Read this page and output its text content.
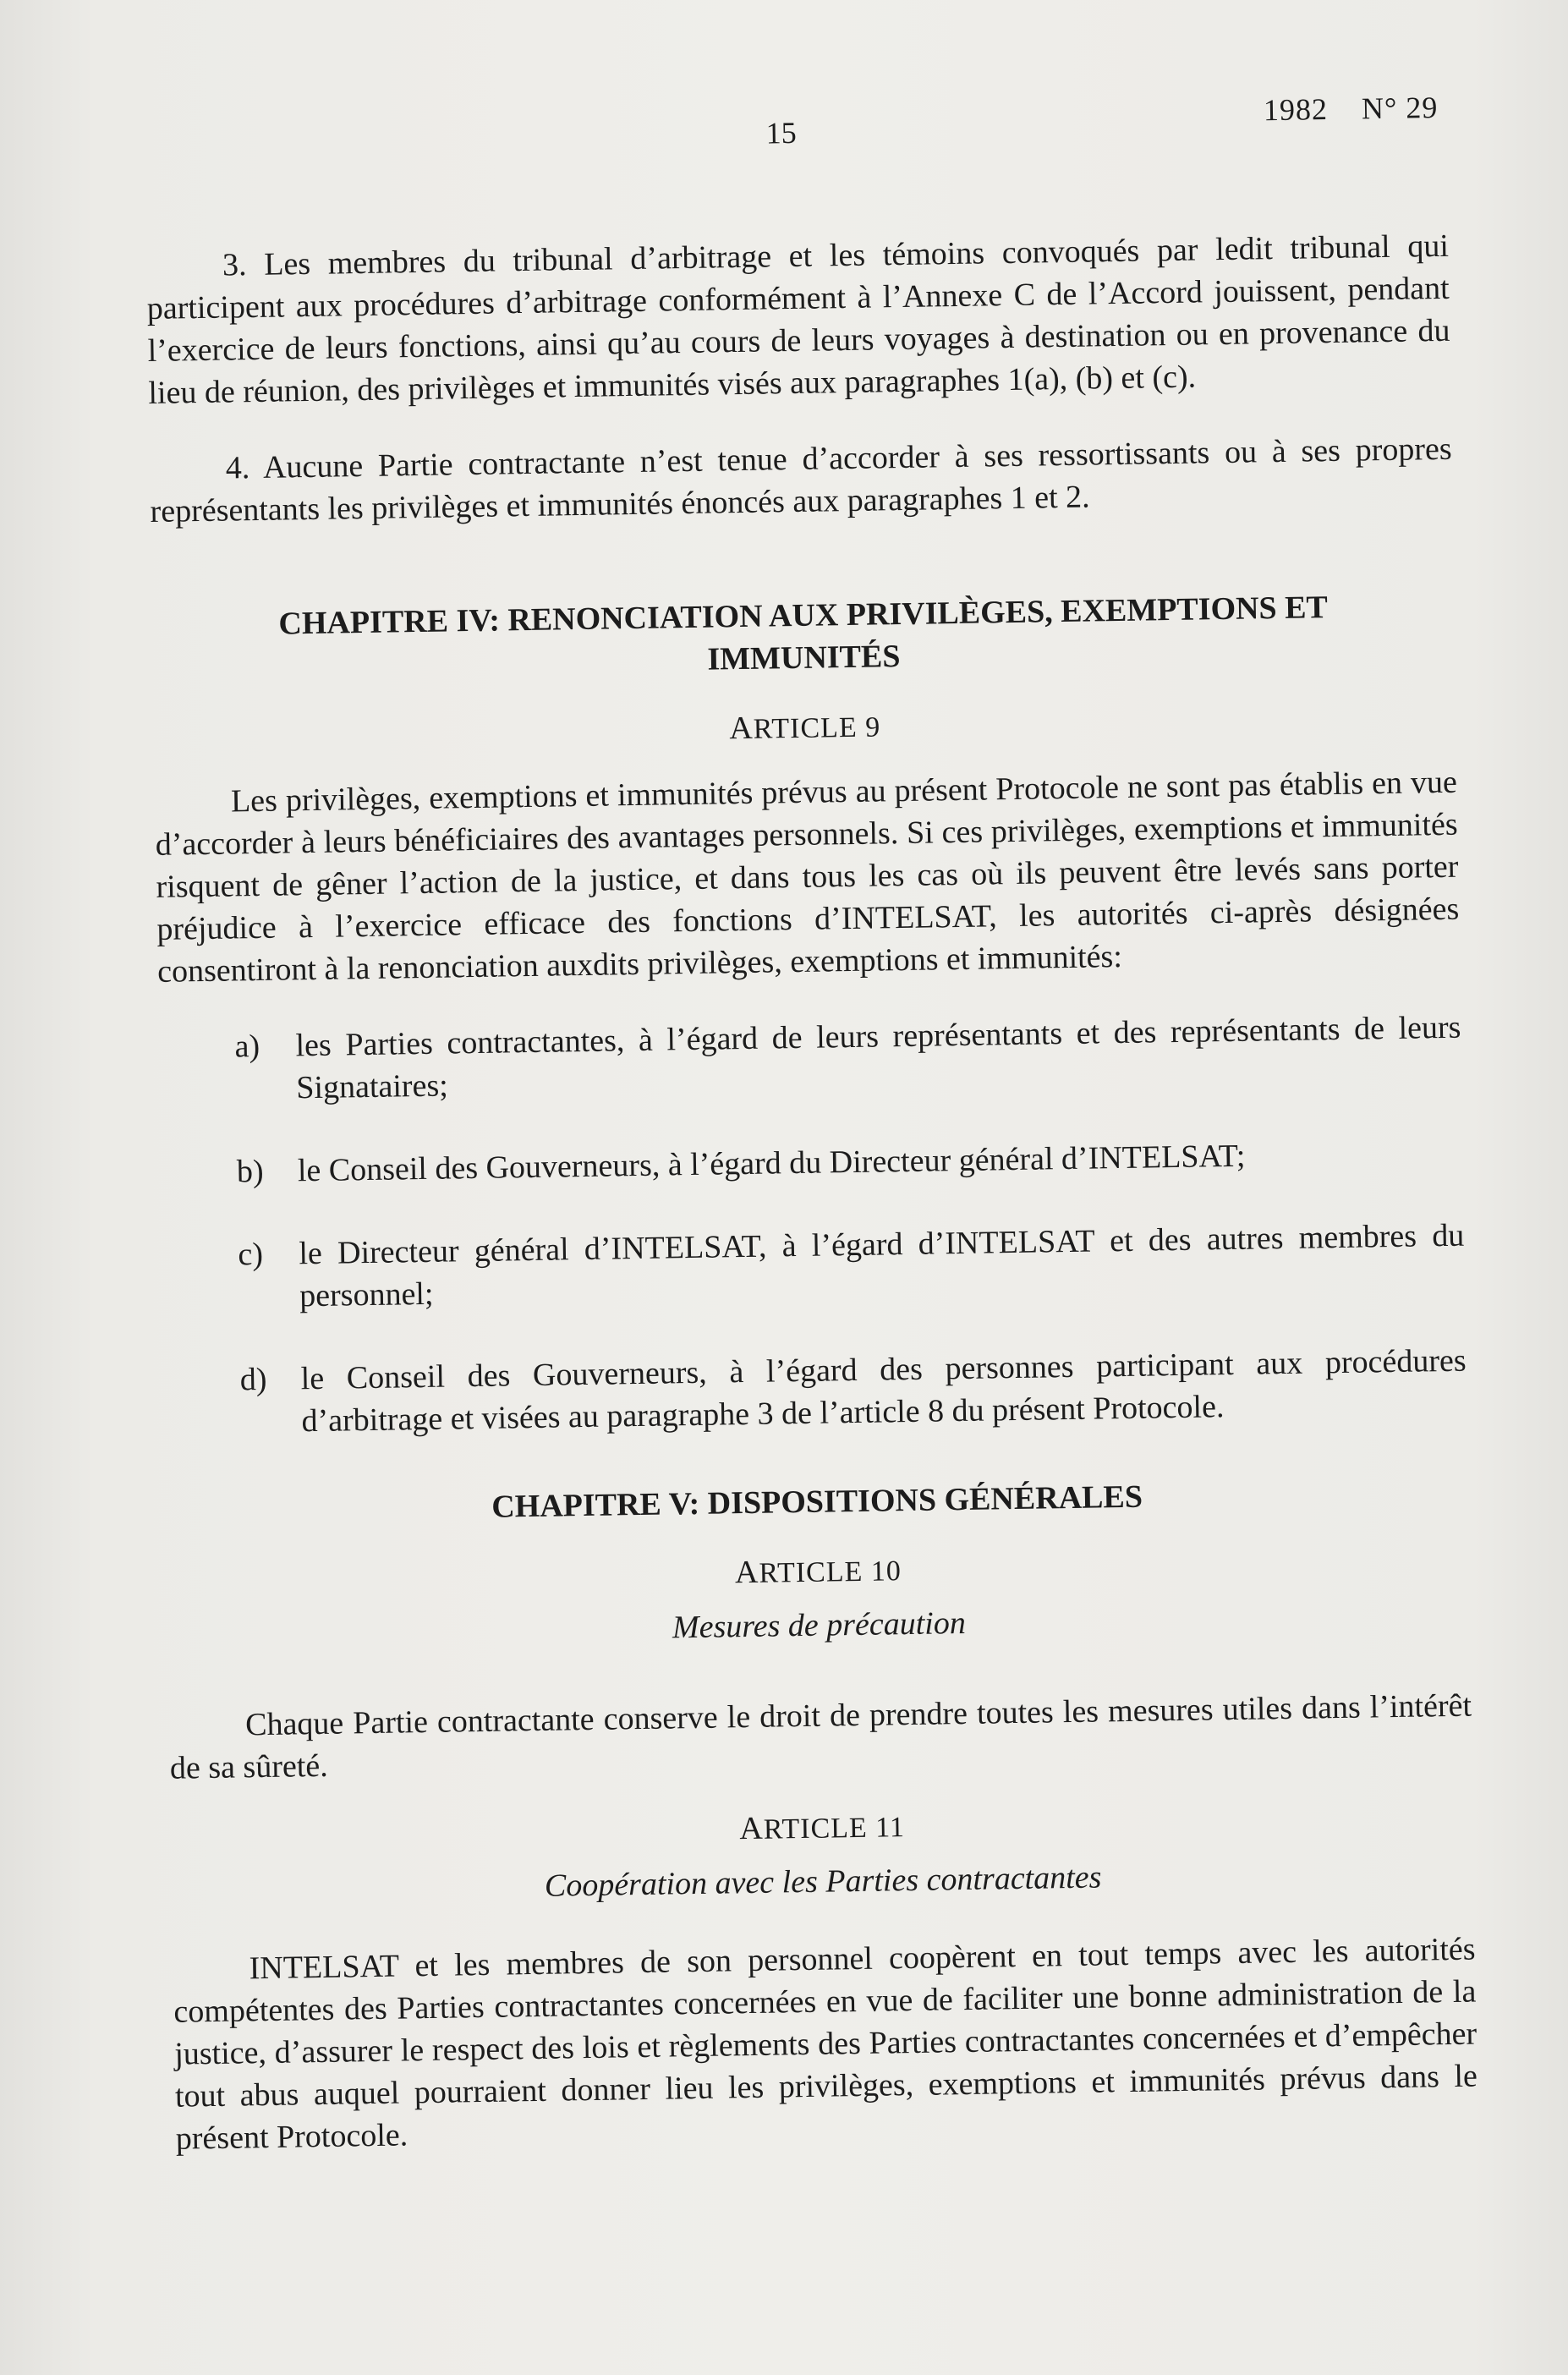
15
1982    N° 29

3. Les membres du tribunal d’arbitrage et les témoins convoqués par ledit tribunal qui participent aux procédures d’arbitrage conformément à l’Annexe C de l’Accord jouissent, pendant l’exercice de leurs fonctions, ainsi qu’au cours de leurs voyages à destination ou en provenance du lieu de réunion, des privilèges et immunités visés aux paragraphes 1(a), (b) et (c).

4. Aucune Partie contractante n’est tenue d’accorder à ses ressortissants ou à ses propres représentants les privilèges et immunités énoncés aux paragraphes 1 et 2.

CHAPITRE IV: RENONCIATION AUX PRIVILÈGES, EXEMPTIONS ET IMMUNITÉS
ARTICLE 9

Les privilèges, exemptions et immunités prévus au présent Protocole ne sont pas établis en vue d’accorder à leurs bénéficiaires des avantages personnels. Si ces privilèges, exemptions et immunités risquent de gêner l’action de la justice, et dans tous les cas où ils peuvent être levés sans porter préjudice à l’exercice efficace des fonctions d’INTELSAT, les autorités ci-après désignées consentiront à la renonciation auxdits privilèges, exemptions et immunités:

a)	les Parties contractantes, à l’égard de leurs représentants et des représentants de leurs Signataires;
b)	le Conseil des Gouverneurs, à l’égard du Directeur général d’INTELSAT;
c)	le Directeur général d’INTELSAT, à l’égard d’INTELSAT et des autres membres du personnel;
d)	le Conseil des Gouverneurs, à l’égard des personnes participant aux procédures d’arbitrage et visées au paragraphe 3 de l’article 8 du présent Protocole.
CHAPITRE V: DISPOSITIONS GÉNÉRALES
ARTICLE 10
Mesures de précaution

Chaque Partie contractante conserve le droit de prendre toutes les mesures utiles dans l’intérêt de sa sûreté.

ARTICLE 11
Coopération avec les Parties contractantes

INTELSAT et les membres de son personnel coopèrent en tout temps avec les autorités compétentes des Parties contractantes concernées en vue de faciliter une bonne administration de la justice, d’assurer le respect des lois et règlements des Parties contractantes concernées et d’empêcher tout abus auquel pourraient donner lieu les privilèges, exemptions et immunités prévus dans le présent Protocole.
